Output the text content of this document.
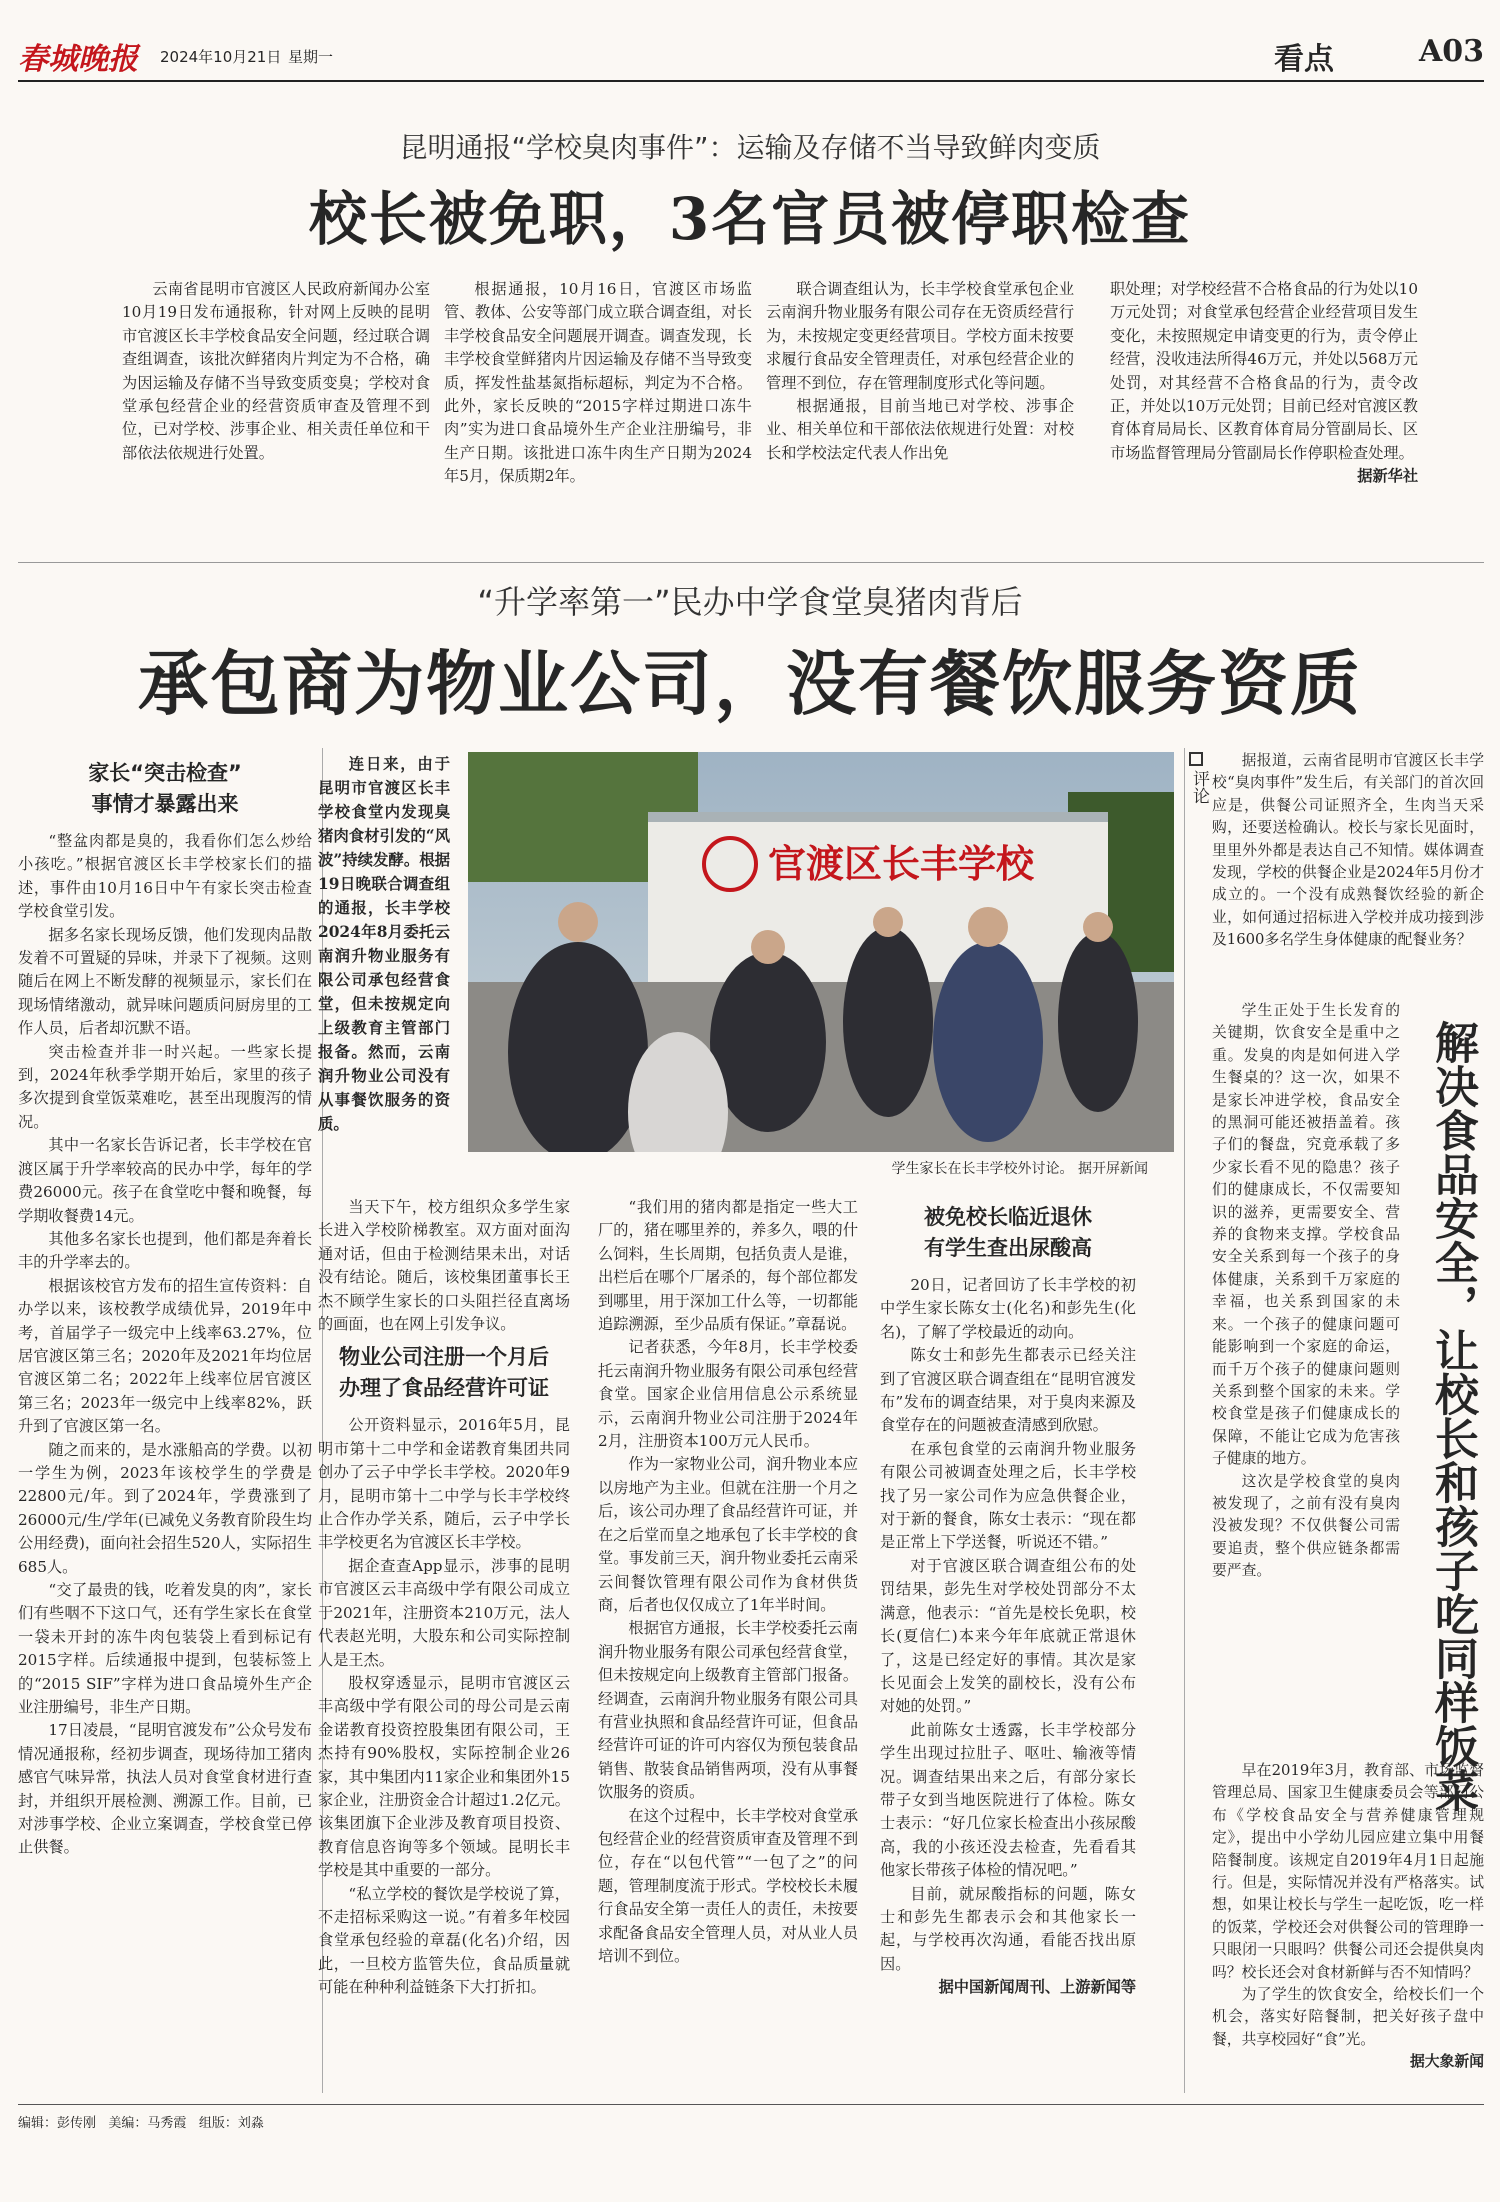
春城晚报 2024年10月21日 星期一	看点	A03
昆明通报“学校臭肉事件”：运输及存储不当导致鲜肉变质
校长被免职，3名官员被停职检查

云南省昆明市官渡区人民政府新闻办公室10月19日发布通报称，针对网上反映的昆明市官渡区长丰学校食品安全问题，经过联合调查组调查，该批次鲜猪肉片判定为不合格，确为因运输及存储不当导致变质变臭；学校对食堂承包经营企业的经营资质审查及管理不到位，已对学校、涉事企业、相关责任单位和干部依法依规进行处置。

根据通报，10月16日，官渡区市场监管、教体、公安等部门成立联合调查组，对长丰学校食品安全问题展开调查。调查发现，长丰学校食堂鲜猪肉片因运输及存储不当导致变质，挥发性盐基氮指标超标，判定为不合格。此外，家长反映的“2015字样过期进口冻牛肉”实为进口食品境外生产企业注册编号，非生产日期。该批进口冻牛肉生产日期为2024年5月，保质期2年。

联合调查组认为，长丰学校食堂承包企业云南润升物业服务有限公司存在无资质经营行为，未按规定变更经营项目。学校方面未按要求履行食品安全管理责任，对承包经营企业的管理不到位，存在管理制度形式化等问题。

根据通报，目前当地已对学校、涉事企业、相关单位和干部依法依规进行处置：对校长和学校法定代表人作出免

职处理；对学校经营不合格食品的行为处以10万元处罚；对食堂承包经营企业经营项目发生变化，未按照规定申请变更的行为，责令停止经营，没收违法所得46万元，并处以568万元处罚，对其经营不合格食品的行为，责令改正，并处以10万元处罚；目前已经对官渡区教育体育局局长、区教育体育局分管副局长、区市场监督管理局分管副局长作停职检查处理。

据新华社

“升学率第一”民办中学食堂臭猪肉背后
承包商为物业公司，没有餐饮服务资质
家长“突击检查”
事情才暴露出来

“整盆肉都是臭的，我看你们怎么炒给小孩吃。”根据官渡区长丰学校家长们的描述，事件由10月16日中午有家长突击检查学校食堂引发。

据多名家长现场反馈，他们发现肉品散发着不可置疑的异味，并录下了视频。这则随后在网上不断发酵的视频显示，家长们在现场情绪激动，就异味问题质问厨房里的工作人员，后者却沉默不语。

突击检查并非一时兴起。一些家长提到，2024年秋季学期开始后，家里的孩子多次提到食堂饭菜难吃，甚至出现腹泻的情况。

其中一名家长告诉记者，长丰学校在官渡区属于升学率较高的民办中学，每年的学费26000元。孩子在食堂吃中餐和晚餐，每学期收餐费14元。

其他多名家长也提到，他们都是奔着长丰的升学率去的。

根据该校官方发布的招生宣传资料：自办学以来，该校教学成绩优异，2019年中考，首届学子一级完中上线率63.27%，位居官渡区第三名；2020年及2021年均位居官渡区第二名；2022年上线率位居官渡区第三名；2023年一级完中上线率82%，跃升到了官渡区第一名。

随之而来的，是水涨船高的学费。以初一学生为例，2023年该校学生的学费是22800元/年。到了2024年，学费涨到了26000元/生/学年(已减免义务教育阶段生均公用经费)，面向社会招生520人，实际招生685人。

“交了最贵的钱，吃着发臭的肉”，家长们有些咽不下这口气，还有学生家长在食堂一袋未开封的冻牛肉包装袋上看到标记有2015字样。后续通报中提到，包装标签上的“2015 SIF”字样为进口食品境外生产企业注册编号，非生产日期。

17日凌晨，“昆明官渡发布”公众号发布情况通报称，经初步调查，现场待加工猪肉感官气味异常，执法人员对食堂食材进行查封，并组织开展检测、溯源工作。目前，已对涉事学校、企业立案调查，学校食堂已停止供餐。

连日来，由于昆明市官渡区长丰学校食堂内发现臭猪肉食材引发的“风波”持续发酵。根据19日晚联合调查组的通报，长丰学校2024年8月委托云南润升物业服务有限公司承包经营食堂，但未按规定向上级教育主管部门报备。然而，云南润升物业公司没有从事餐饮服务的资质。

官渡区长丰学校
学生家长在长丰学校外讨论。 据开屏新闻

当天下午，校方组织众多学生家长进入学校阶梯教室。双方面对面沟通对话，但由于检测结果未出，对话没有结论。随后，该校集团董事长王杰不顾学生家长的口头阻拦径直离场的画面，也在网上引发争议。

物业公司注册一个月后
办理了食品经营许可证

公开资料显示，2016年5月，昆明市第十二中学和金诺教育集团共同创办了云子中学长丰学校。2020年9月，昆明市第十二中学与长丰学校终止合作办学关系，随后，云子中学长丰学校更名为官渡区长丰学校。

据企查查App显示，涉事的昆明市官渡区云丰高级中学有限公司成立于2021年，注册资本210万元，法人代表赵光明，大股东和公司实际控制人是王杰。

股权穿透显示，昆明市官渡区云丰高级中学有限公司的母公司是云南金诺教育投资控股集团有限公司，王杰持有90%股权，实际控制企业26家，其中集团内11家企业和集团外15家企业，注册资金合计超过1.2亿元。该集团旗下企业涉及教育项目投资、教育信息咨询等多个领域。昆明长丰学校是其中重要的一部分。

“私立学校的餐饮是学校说了算，不走招标采购这一说。”有着多年校园食堂承包经验的章磊(化名)介绍，因此，一旦校方监管失位，食品质量就可能在种种利益链条下大打折扣。

“我们用的猪肉都是指定一些大工厂的，猪在哪里养的，养多久，喂的什么饲料，生长周期，包括负责人是谁，出栏后在哪个厂屠杀的，每个部位都发到哪里，用于深加工什么等，一切都能追踪溯源，至少品质有保证。”章磊说。

记者获悉，今年8月，长丰学校委托云南润升物业服务有限公司承包经营食堂。国家企业信用信息公示系统显示，云南润升物业公司注册于2024年2月，注册资本100万元人民币。

作为一家物业公司，润升物业本应以房地产为主业。但就在注册一个月之后，该公司办理了食品经营许可证，并在之后堂而皇之地承包了长丰学校的食堂。事发前三天，润升物业委托云南采云间餐饮管理有限公司作为食材供货商，后者也仅仅成立了1年半时间。

根据官方通报，长丰学校委托云南润升物业服务有限公司承包经营食堂，但未按规定向上级教育主管部门报备。经调查，云南润升物业服务有限公司具有营业执照和食品经营许可证，但食品经营许可证的许可内容仅为预包装食品销售、散装食品销售两项，没有从事餐饮服务的资质。

在这个过程中，长丰学校对食堂承包经营企业的经营资质审查及管理不到位，存在“以包代管”“一包了之”的问题，管理制度流于形式。学校校长未履行食品安全第一责任人的责任，未按要求配备食品安全管理人员，对从业人员培训不到位。

被免校长临近退休
有学生查出尿酸高

20日，记者回访了长丰学校的初中学生家长陈女士(化名)和彭先生(化名)，了解了学校最近的动向。

陈女士和彭先生都表示已经关注到了官渡区联合调查组在“昆明官渡发布”发布的调查结果，对于臭肉来源及食堂存在的问题被查清感到欣慰。

在承包食堂的云南润升物业服务有限公司被调查处理之后，长丰学校找了另一家公司作为应急供餐企业，对于新的餐食，陈女士表示：“现在都是正常上下学送餐，听说还不错。”

对于官渡区联合调查组公布的处罚结果，彭先生对学校处罚部分不太满意，他表示：“首先是校长免职，校长(夏信仁)本来今年年底就正常退休了，这是已经定好的事情。其次是家长见面会上发笑的副校长，没有公布对她的处罚。”

此前陈女士透露，长丰学校部分学生出现过拉肚子、呕吐、输液等情况。调查结果出来之后，有部分家长带子女到当地医院进行了体检。陈女士表示：“好几位家长检查出小孩尿酸高，我的小孩还没去检查，先看看其他家长带孩子体检的情况吧。”

目前，就尿酸指标的问题，陈女士和彭先生都表示会和其他家长一起，与学校再次沟通，看能否找出原因。

据中国新闻周刊、上游新闻等

评论

据报道，云南省昆明市官渡区长丰学校“臭肉事件”发生后，有关部门的首次回应是，供餐公司证照齐全，生肉当天采购，还要送检确认。校长与家长见面时，里里外外都是表达自己不知情。媒体调查发现，学校的供餐企业是2024年5月份才成立的。一个没有成熟餐饮经验的新企业，如何通过招标进入学校并成功接到涉及1600多名学生身体健康的配餐业务？

学生正处于生长发育的关键期，饮食安全是重中之重。发臭的肉是如何进入学生餐桌的？这一次，如果不是家长冲进学校，食品安全的黑洞可能还被捂盖着。孩子们的餐盘，究竟承载了多少家长看不见的隐患？孩子们的健康成长，不仅需要知识的滋养，更需要安全、营养的食物来支撑。学校食品安全关系到每一个孩子的身体健康，关系到千万家庭的幸福，也关系到国家的未来。一个孩子的健康问题可能影响到一个家庭的命运，而千万个孩子的健康问题则关系到整个国家的未来。学校食堂是孩子们健康成长的保障，不能让它成为危害孩子健康的地方。

这次是学校食堂的臭肉被发现了，之前有没有臭肉没被发现？不仅供餐公司需要追责，整个供应链条都需要严查。	解决食品安全，让校长和孩子吃同样饭菜

早在2019年3月，教育部、市场监督管理总局、国家卫生健康委员会等部门公布《学校食品安全与营养健康管理规定》，提出中小学幼儿园应建立集中用餐陪餐制度。该规定自2019年4月1日起施行。但是，实际情况并没有严格落实。试想，如果让校长与学生一起吃饭，吃一样的饭菜，学校还会对供餐公司的管理睁一只眼闭一只眼吗？供餐公司还会提供臭肉吗？校长还会对食材新鲜与否不知情吗？

为了学生的饮食安全，给校长们一个机会，落实好陪餐制，把关好孩子盘中餐，共享校园好“食”光。

据大象新闻

编辑：彭传刚 美编：马秀霞 组版：刘淼
